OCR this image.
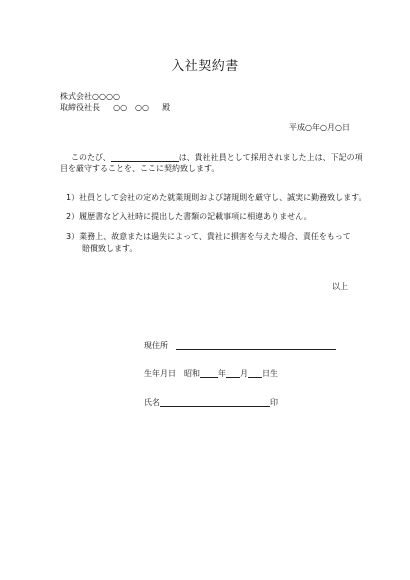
入社契約書
株式会社○○○○
取締役社長 ○○　○○ 殿
平成○年○月○日
このたび、	は、貴社社員として採用されました上は、下記の項
目を厳守することを、ここに契約致します。
1）社員として会社の定めた就業規則および諸規則を厳守し、誠実に勤務致します。
2）履歴書など入社時に提出した書類の記載事項に相違ありません。
3）業務上、故意または過失によって、貴社に損害を与えた場合、責任をもって
賠償致します。
以上
現住所
生年月日 昭和 年 月 日生
氏名	印
